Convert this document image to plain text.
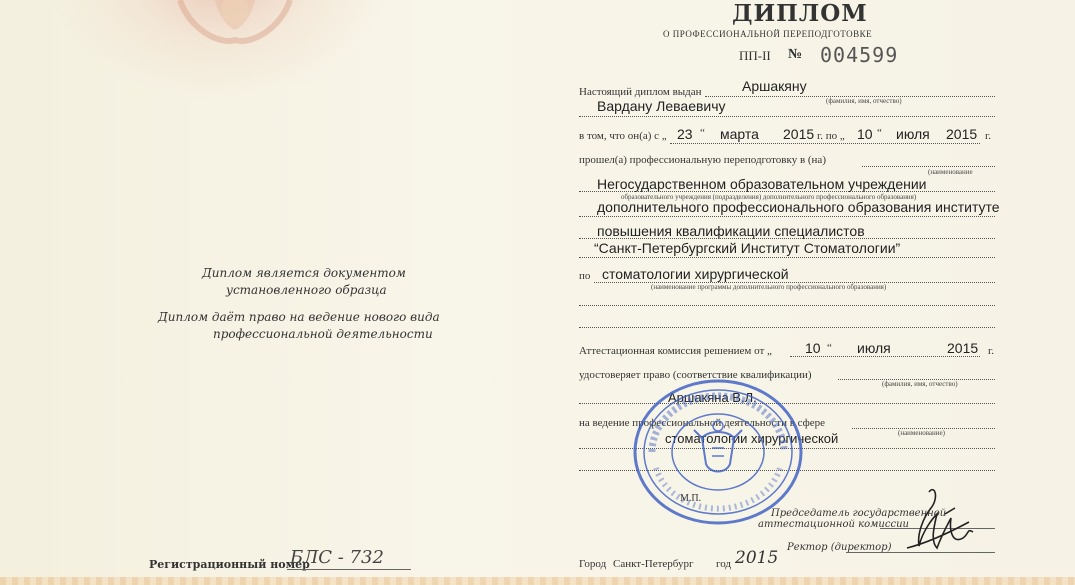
ДИПЛОМ
О ПРОФЕССИОНАЛЬНОЙ ПЕРЕПОДГОТОВКЕ
ПП-II № 004599
Диплом является документом
установленного образца
Диплом даёт право на ведение нового вида
профессиональной деятельности
Регистрационный номер
БЛС - 732
Настоящий диплом выдан	Аршакяну
(фамилия, имя, отчество)
Вардану Леваевичу
в том, что он(а) с „ 23 “ марта 2015 г. по „ 10 “ июля 2015 г.
прошел(а) профессиональную переподготовку в (на)
(наименование
Негосударственном образовательном учреждении
образовательного учреждения (подразделения) дополнительного профессионального образования)
дополнительного профессионального образования институте
повышения квалификации специалистов
“Санкт-Петербургский Институт Стоматологии”
по стоматологии хирургической
(наименование программы дополнительного профессионального образования)
Аттестационная комиссия решением от „ 10 “ июля	2015 г.
удостоверяет право (соответствие квалификации)
(фамилия, имя, отчество)
Аршакяна В.Л.
на ведение профессиональной деятельности в сфере
(наименование)
стоматологии хирургической
М.П.
Председатель государственной
аттестационной комиссии
Ректор (директор)
Город Санкт-Петербург год 2015
